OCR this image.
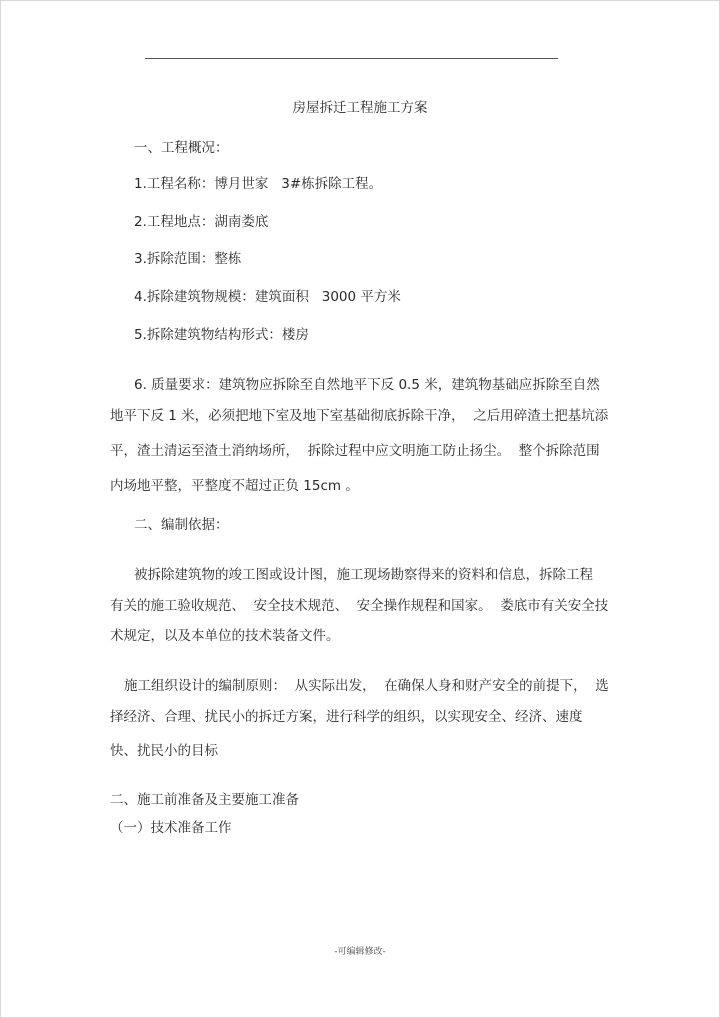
房屋拆迁工程施工方案
一、工程概况：
1.工程名称：博月世家   3#栋拆除工程。
2.工程地点：湖南娄底
3.拆除范围：整栋
4.拆除建筑物规模：建筑面积   3000 平方米
5.拆除建筑物结构形式：楼房
6. 质量要求：建筑物应拆除至自然地平下反 0.5 米，建筑物基础应拆除至自然
地平下反 1 米，必须把地下室及地下室基础彻底拆除干净，  之后用碎渣土把基坑添
平，渣土清运至渣土消纳场所，  拆除过程中应文明施工防止扬尘。  整个拆除范围
内场地平整，平整度不超过正负 15cm 。
二、编制依据：
被拆除建筑物的竣工图或设计图，施工现场勘察得来的资料和信息，拆除工程
有关的施工验收规范、  安全技术规范、  安全操作规程和国家。  娄底市有关安全技
术规定，以及本单位的技术装备文件。
施工组织设计的编制原则：  从实际出发，  在确保人身和财产安全的前提下，  选
择经济、合理、扰民小的拆迁方案，进行科学的组织，以实现安全、经济、速度
快、扰民小的目标
二、施工前准备及主要施工准备
（一）技术准备工作
-可编辑修改-
